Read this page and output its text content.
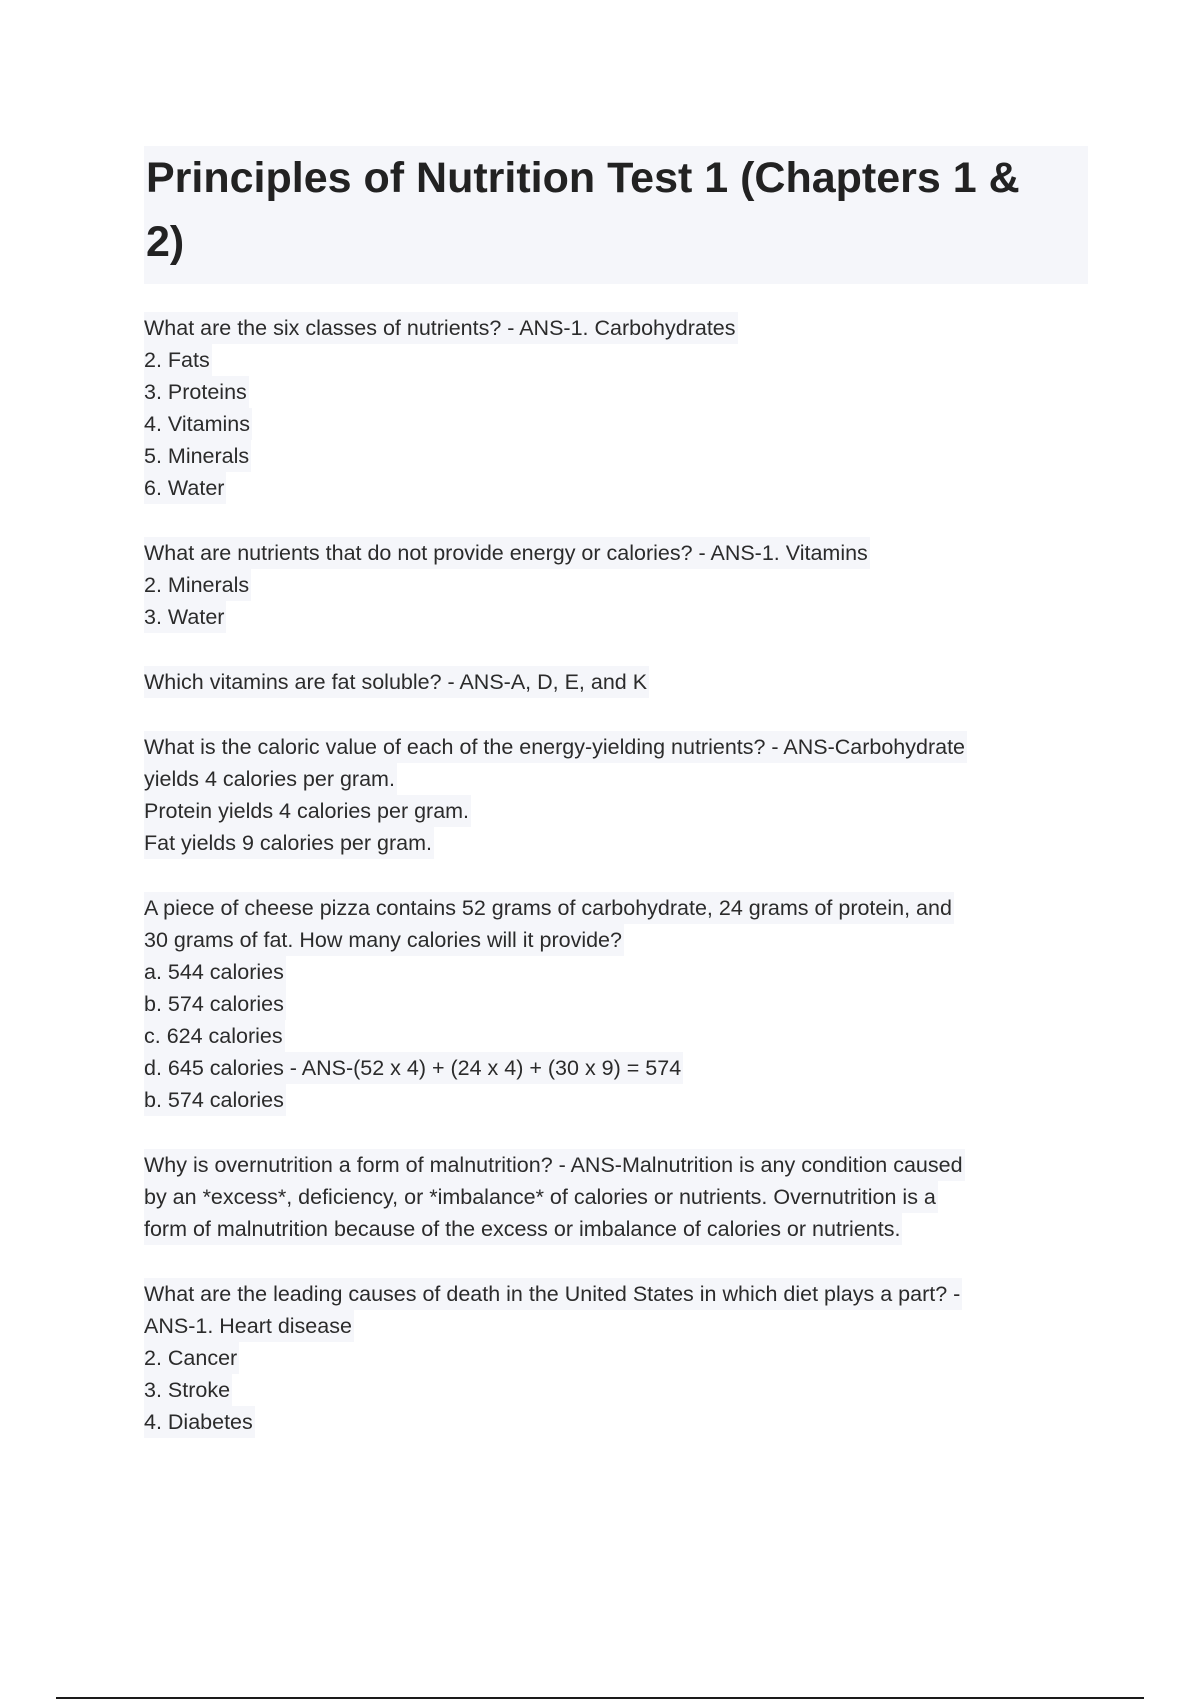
Principles of Nutrition Test 1 (Chapters 1 &
2)
What are the six classes of nutrients? - ANS-1. Carbohydrates
2. Fats
3. Proteins
4. Vitamins
5. Minerals
6. Water
What are nutrients that do not provide energy or calories? - ANS-1. Vitamins
2. Minerals
3. Water
Which vitamins are fat soluble? - ANS-A, D, E, and K
What is the caloric value of each of the energy-yielding nutrients? - ANS-Carbohydrate
yields 4 calories per gram.
Protein yields 4 calories per gram.
Fat yields 9 calories per gram.
A piece of cheese pizza contains 52 grams of carbohydrate, 24 grams of protein, and
30 grams of fat. How many calories will it provide?
a. 544 calories
b. 574 calories
c. 624 calories
d. 645 calories - ANS-(52 x 4) + (24 x 4) + (30 x 9) = 574
b. 574 calories
Why is overnutrition a form of malnutrition? - ANS-Malnutrition is any condition caused
by an *excess*, deficiency, or *imbalance* of calories or nutrients. Overnutrition is a
form of malnutrition because of the excess or imbalance of calories or nutrients.
What are the leading causes of death in the United States in which diet plays a part? -
ANS-1. Heart disease
2. Cancer
3. Stroke
4. Diabetes
